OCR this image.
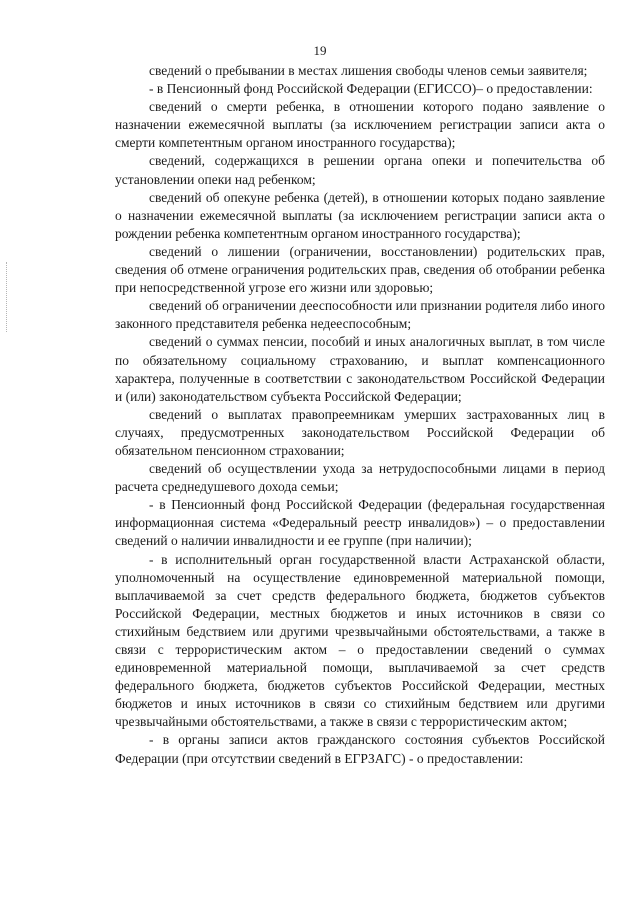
19

сведений о пребывании в местах лишения свободы членов семьи заявителя;

- в Пенсионный фонд Российской Федерации (ЕГИССО)– о предоставлении:

сведений о смерти ребенка, в отношении которого подано заявление о назначении ежемесячной выплаты (за исключением регистрации записи акта о смерти компетентным органом иностранного государства);

сведений, содержащихся в решении органа опеки и попечительства об установлении опеки над ребенком;

сведений об опекуне ребенка (детей), в отношении которых подано заявление о назначении ежемесячной выплаты (за исключением регистрации записи акта о рождении ребенка компетентным органом иностранного государства);

сведений о лишении (ограничении, восстановлении) родительских прав, сведения об отмене ограничения родительских прав, сведения об отобрании ребенка при непосредственной угрозе его жизни или здоровью;

сведений об ограничении дееспособности или признании родителя либо иного законного представителя ребенка недееспособным;

сведений о суммах пенсии, пособий и иных аналогичных выплат, в том числе по обязательному социальному страхованию, и выплат компенсационного характера, полученные в соответствии с законодательством Российской Федерации и (или) законодательством субъекта Российской Федерации;

сведений о выплатах правопреемникам умерших застрахованных лиц в случаях, предусмотренных законодательством Российской Федерации об обязательном пенсионном страховании;

сведений об осуществлении ухода за нетрудоспособными лицами в период расчета среднедушевого дохода семьи;

- в Пенсионный фонд Российской Федерации (федеральная государственная информационная система «Федеральный реестр инвалидов») – о предоставлении сведений о наличии инвалидности и ее группе (при наличии);

- в исполнительный орган государственной власти Астраханской области, уполномоченный на осуществление единовременной материальной помощи, выплачиваемой за счет средств федерального бюджета, бюджетов субъектов Российской Федерации, местных бюджетов и иных источников в связи со стихийным бедствием или другими чрезвычайными обстоятельствами, а также в связи с террористическим актом – о предоставлении сведений о суммах единовременной материальной помощи, выплачиваемой за счет средств федерального бюджета, бюджетов субъектов Российской Федерации, местных бюджетов и иных источников в связи со стихийным бедствием или другими чрезвычайными обстоятельствами, а также в связи с террористическим актом;

- в органы записи актов гражданского состояния субъектов Российской Федерации (при отсутствии сведений в ЕГРЗАГС) - о предоставлении:
